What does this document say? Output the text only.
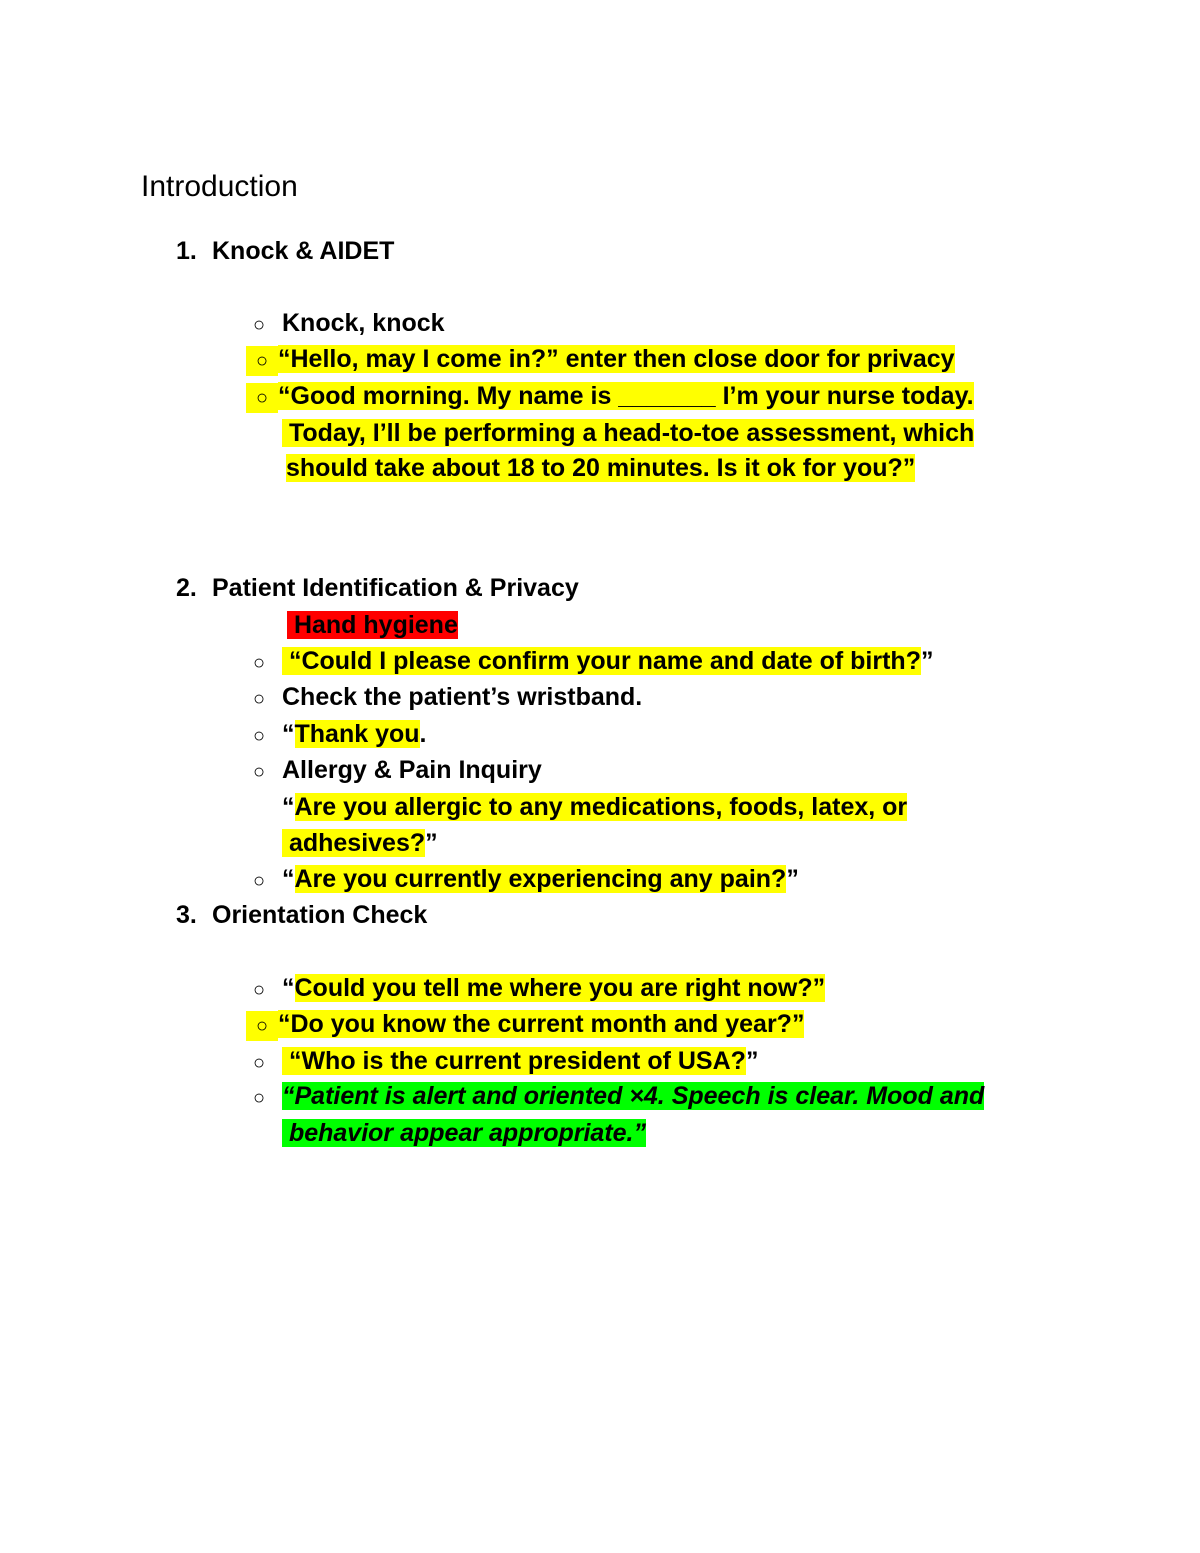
Introduction
1. Knock & AIDET
○ Knock, knock
○ “Hello, may I come in?” enter then close door for privacy
○ “Good morning. My name is _______ I’m your nurse today.
Today, I’ll be performing a head-to-toe assessment, which
should take about 18 to 20 minutes. Is it ok for you?”
2. Patient Identification & Privacy
Hand hygiene
○ “Could I please confirm your name and date of birth?”
○ Check the patient’s wristband.
○ “Thank you.
○ Allergy & Pain Inquiry
“Are you allergic to any medications, foods, latex, or
adhesives?”
○ “Are you currently experiencing any pain?”
3. Orientation Check
○ “Could you tell me where you are right now?”
○ “Do you know the current month and year?”
○ “Who is the current president of USA?”
○ “Patient is alert and oriented ×4. Speech is clear. Mood and
behavior appear appropriate.”
